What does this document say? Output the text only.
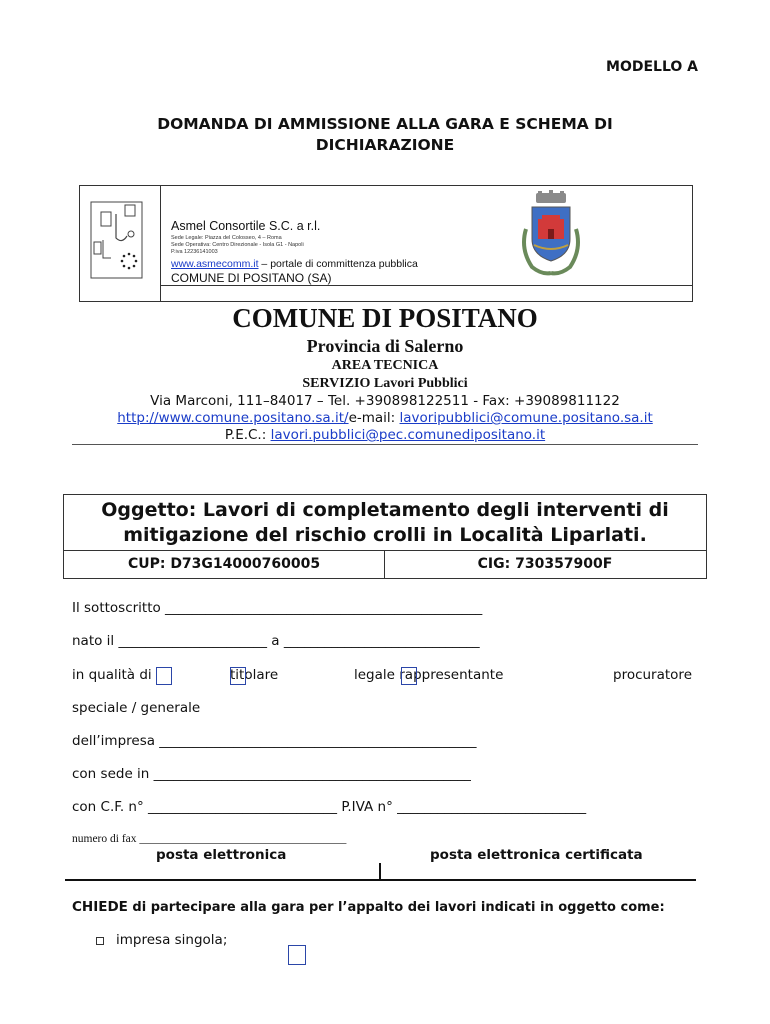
MODELLO A
DOMANDA DI AMMISSIONE ALLA GARA E SCHEMA DI
DICHIARAZIONE
Asmel Consortile S.C. a r.l.
Sede Legale: Piazza del Colosseo, 4 – Roma
Sede Operativa: Centro Direzionale - Isola G1 - Napoli
P.iva 12236141003
www.asmecomm.it – portale di committenza pubblica
COMUNE DI POSITANO (SA)
COMUNE DI POSITANO
Provincia di Salerno
AREA TECNICA
SERVIZIO Lavori Pubblici
Via Marconi, 111–84017 – Tel. +390898122511 - Fax: +39089811122
http://www.comune.positano.sa.it/e-mail: lavoripubblici@comune.positano.sa.it
P.E.C.: lavori.pubblici@pec.comunedipositano.it
Oggetto: Lavori di completamento degli interventi di
mitigazione del rischio crolli in Località Liparlati.
CUP: D73G14000760005	CIG: 730357900F
Il sottoscritto _______________________________________________
nato il ______________________ a _____________________________
in qualità di	titolare	legale rappresentante	procuratore
speciale / generale
dell’impresa _______________________________________________
con sede in _______________________________________________
con C.F. n° ____________________________ P.IVA n° ____________________________
numero di fax ____________________________________
posta elettronica	posta elettronica certificata
CHIEDE di partecipare alla gara per l’appalto dei lavori indicati in oggetto come:
impresa singola;
